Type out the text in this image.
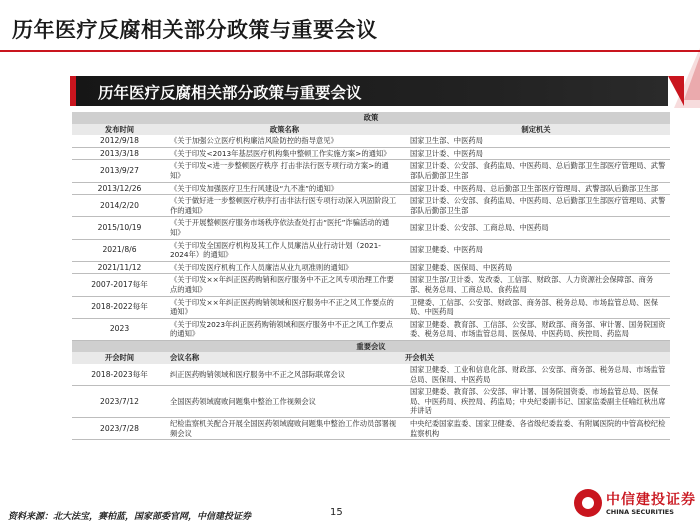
历年医疗反腐相关部分政策与重要会议
历年医疗反腐相关部分政策与重要会议
政策		
发布时间	政策名称	制定机关
2012/9/18	《关于加强公立医疗机构廉洁风险防控的指导意见》	国家卫生部、中医药局
2013/3/18	《关于印发<2013年基层医疗机构集中整顿工作实施方案>的通知》	国家卫计委、中医药局
2013/9/27	《关于印发<进一步整顿医疗秩序 打击非法行医专项行动方案>的通知》	国家卫计委、公安部、食药监局、中医药局、总后勤部卫生部医疗管理局、武警部队后勤部卫生部
2013/12/26	《关于印发加强医疗卫生行风建设“九不准”的通知》	国家卫计委、中医药局、总后勤部卫生部医疗管理局、武警部队后勤部卫生部
2014/2/20	《关于做好进一步整顿医疗秩序打击非法行医专项行动深入巩固阶段工作的通知》	国家卫计委、公安部、食药监局、中医药局、总后勤部卫生部医疗管理局、武警部队后勤部卫生部
2015/10/19	《关于开展整顿医疗服务市场秩序依法查处打击“医托”诈骗活动的通知》	国家卫计委、公安部、工商总局、中医药局
2021/8/6	《关于印发全国医疗机构及其工作人员廉洁从业行动计划（2021-2024年）的通知》	国家卫健委、中医药局
2021/11/12	《关于印发医疗机构工作人员廉洁从业九项准则的通知》	国家卫健委、医保局、中医药局
2007-2017每年	《关于印发××年纠正医药购销和医疗服务中不正之风专项治理工作要点的通知》	国家卫生部/卫计委、发改委、工信部、财政部、人力资源社会保障部、商务部、税务总局、工商总局、食药监局
2018-2022每年	《关于印发××年纠正医药购销领域和医疗服务中不正之风工作要点的通知》	卫健委、工信部、公安部、财政部、商务部、税务总局、市场监管总局、医保局、中医药局
2023	《关于印发2023年纠正医药购销领域和医疗服务中不正之风工作要点的通知》	国家卫健委、教育部、工信部、公安部、财政部、商务部、审计署、国务院国资委、税务总局、市场监管总局、医保局、中医药局、疾控局、药监局
重要会议		
开会时间	会议名称	开会机关
2018-2023每年	纠正医药购销领域和医疗服务中不正之风部际联席会议	国家卫健委、工业和信息化部、财政部、公安部、商务部、税务总局、市场监管总局、医保局、中医药局
2023/7/12	全国医药领域腐败问题集中整治工作视频会议	国家卫健委、教育部、公安部、审计署、国务院国资委、市场监管总局、医保局、中医药局、疾控局、药监局；中央纪委副书记、国家监委副主任喻红秋出席并讲话
2023/7/28	纪检监察机关配合开展全国医药领域腐败问题集中整治工作动员部署视频会议	中央纪委国家监委、国家卫健委、各省级纪委监委、有附属医院的中管高校纪检监察机构
资料来源：北大法宝，赛柏蓝，国家部委官网，中信建投证券	15
中信建投证券
CHINA SECURITIES
